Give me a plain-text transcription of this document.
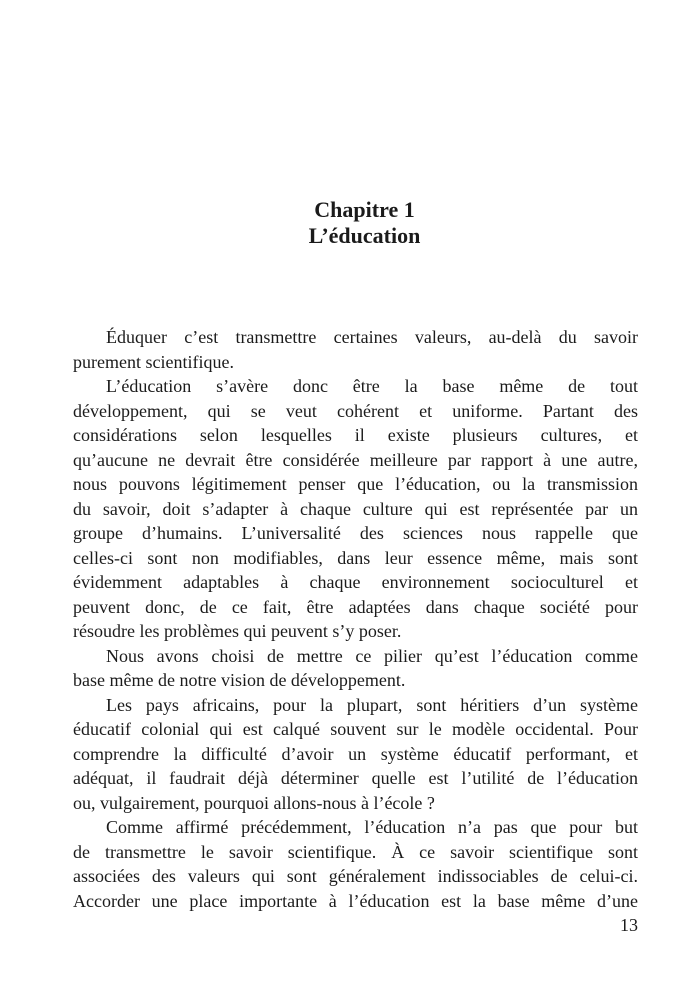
Chapitre 1
L’éducation
Éduquer c’est transmettre certaines valeurs, au-delà du savoir
purement scientifique.
L’éducation s’avère donc être la base même de tout
développement, qui se veut cohérent et uniforme. Partant des
considérations selon lesquelles il existe plusieurs cultures, et
qu’aucune ne devrait être considérée meilleure par rapport à une autre,
nous pouvons légitimement penser que l’éducation, ou la transmission
du savoir, doit s’adapter à chaque culture qui est représentée par un
groupe d’humains. L’universalité des sciences nous rappelle que
celles-ci sont non modifiables, dans leur essence même, mais sont
évidemment adaptables à chaque environnement socioculturel et
peuvent donc, de ce fait, être adaptées dans chaque société pour
résoudre les problèmes qui peuvent s’y poser.
Nous avons choisi de mettre ce pilier qu’est l’éducation comme
base même de notre vision de développement.
Les pays africains, pour la plupart, sont héritiers d’un système
éducatif colonial qui est calqué souvent sur le modèle occidental. Pour
comprendre la difficulté d’avoir un système éducatif performant, et
adéquat, il faudrait déjà déterminer quelle est l’utilité de l’éducation
ou, vulgairement, pourquoi allons-nous à l’école ?
Comme affirmé précédemment, l’éducation n’a pas que pour but
de transmettre le savoir scientifique. À ce savoir scientifique sont
associées des valeurs qui sont généralement indissociables de celui-ci.
Accorder une place importante à l’éducation est la base même d’une
13
